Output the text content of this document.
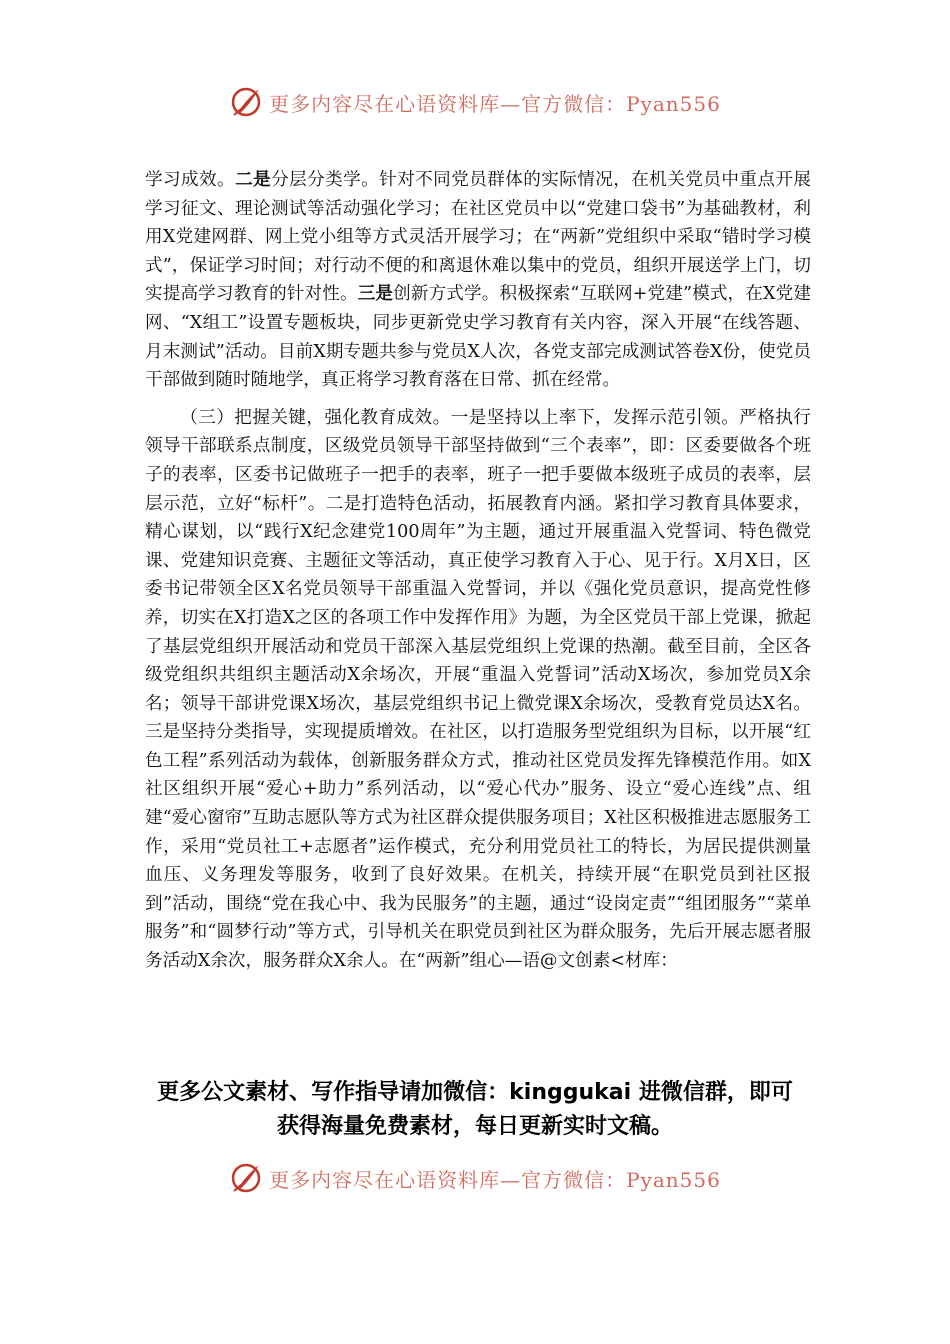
更多内容尽在心语资料库—官方微信：Pyan556

学习成效。二是分层分类学。针对不同党员群体的实际情况，在机关党员中重点开展学习征文、理论测试等活动强化学习；在社区党员中以“党建口袋书”为基础教材，利用X党建网群、网上党小组等方式灵活开展学习；在“两新”党组织中采取“错时学习模式”，保证学习时间；对行动不便的和离退休难以集中的党员，组织开展送学上门，切实提高学习教育的针对性。三是创新方式学。积极探索“互联网+党建”模式，在X党建网、“X组工”设置专题板块，同步更新党史学习教育有关内容，深入开展“在线答题、月末测试”活动。目前X期专题共参与党员X人次，各党支部完成测试答卷X份，使党员干部做到随时随地学，真正将学习教育落在日常、抓在经常。

（三）把握关键，强化教育成效。一是坚持以上率下，发挥示范引领。严格执行领导干部联系点制度，区级党员领导干部坚持做到“三个表率”，即：区委要做各个班子的表率，区委书记做班子一把手的表率，班子一把手要做本级班子成员的表率，层层示范，立好“标杆”。二是打造特色活动，拓展教育内涵。紧扣学习教育具体要求，精心谋划，以“践行X纪念建党100周年”为主题，通过开展重温入党誓词、特色微党课、党建知识竞赛、主题征文等活动，真正使学习教育入于心、见于行。X月X日，区委书记带领全区X名党员领导干部重温入党誓词，并以《强化党员意识，提高党性修养，切实在X打造X之区的各项工作中发挥作用》为题，为全区党员干部上党课，掀起了基层党组织开展活动和党员干部深入基层党组织上党课的热潮。截至目前，全区各级党组织共组织主题活动X余场次，开展“重温入党誓词”活动X场次，参加党员X余名；领导干部讲党课X场次，基层党组织书记上微党课X余场次，受教育党员达X名。三是坚持分类指导，实现提质增效。在社区，以打造服务型党组织为目标，以开展“红色工程”系列活动为载体，创新服务群众方式，推动社区党员发挥先锋模范作用。如X社区组织开展“爱心+助力”系列活动，以“爱心代办”服务、设立“爱心连线”点、组建“爱心窗帘”互助志愿队等方式为社区群众提供服务项目；X社区积极推进志愿服务工作，采用“党员社工+志愿者”运作模式，充分利用党员社工的特长，为居民提供测量血压、义务理发等服务，收到了良好效果。在机关，持续开展“在职党员到社区报到”活动，围绕“党在我心中、我为民服务”的主题，通过“设岗定责”“组团服务”“菜单服务”和“圆梦行动”等方式，引导机关在职党员到社区为群众服务，先后开展志愿者服务活动X余次，服务群众X余人。在“两新”组心—语@文创素<材库：

更多公文素材、写作指导请加微信：kinggukai 进微信群，即可
获得海量免费素材，每日更新实时文稿。
更多内容尽在心语资料库—官方微信：Pyan556
